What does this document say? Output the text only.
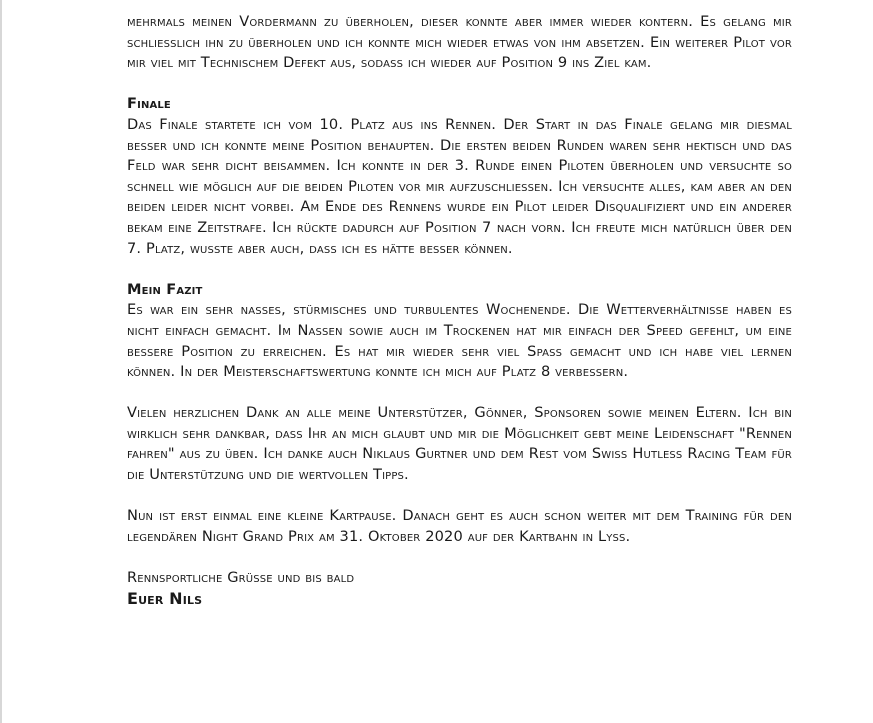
mehrmals meinen Vordermann zu überholen, dieser konnte aber immer wieder kontern. Es gelang mir schliesslich ihn zu überholen und ich konnte mich wieder etwas von ihm absetzen. Ein weiterer Pilot vor mir viel mit Technischem Defekt aus, sodass ich wieder auf Position 9 ins Ziel kam.

Finale

Das Finale startete ich vom 10. Platz aus ins Rennen. Der Start in das Finale gelang mir diesmal besser und ich konnte meine Position behaupten. Die ersten beiden Runden waren sehr hektisch und das Feld war sehr dicht beisammen. Ich konnte in der 3. Runde einen Piloten überholen und versuchte so schnell wie möglich auf die beiden Piloten vor mir aufzuschliessen. Ich versuchte alles, kam aber an den beiden leider nicht vorbei. Am Ende des Rennens wurde ein Pilot leider Disqualifiziert und ein anderer bekam eine Zeitstrafe. Ich rückte dadurch auf Position 7 nach vorn. Ich freute mich natürlich über den 7. Platz, wusste aber auch, dass ich es hätte besser können.

Mein Fazit

Es war ein sehr nasses, stürmisches und turbulentes Wochenende. Die Wetterverhältnisse haben es nicht einfach gemacht. Im Nassen sowie auch im Trockenen hat mir einfach der Speed gefehlt, um eine bessere Position zu erreichen. Es hat mir wieder sehr viel Spass gemacht und ich habe viel lernen können. In der Meisterschaftswertung konnte ich mich auf Platz 8 verbessern.

Vielen herzlichen Dank an alle meine Unterstützer, Gönner, Sponsoren sowie meinen Eltern. Ich bin wirklich sehr dankbar, dass Ihr an mich glaubt und mir die Möglichkeit gebt meine Leidenschaft "Rennen fahren" aus zu üben. Ich danke auch Niklaus Gurtner und dem Rest vom Swiss Hutless Racing Team für die Unterstützung und die wertvollen Tipps.

Nun ist erst einmal eine kleine Kartpause. Danach geht es auch schon weiter mit dem Training für den legendären Night Grand Prix am 31. Oktober 2020 auf der Kartbahn in Lyss.

Rennsportliche Grüsse und bis bald

Euer Nils
